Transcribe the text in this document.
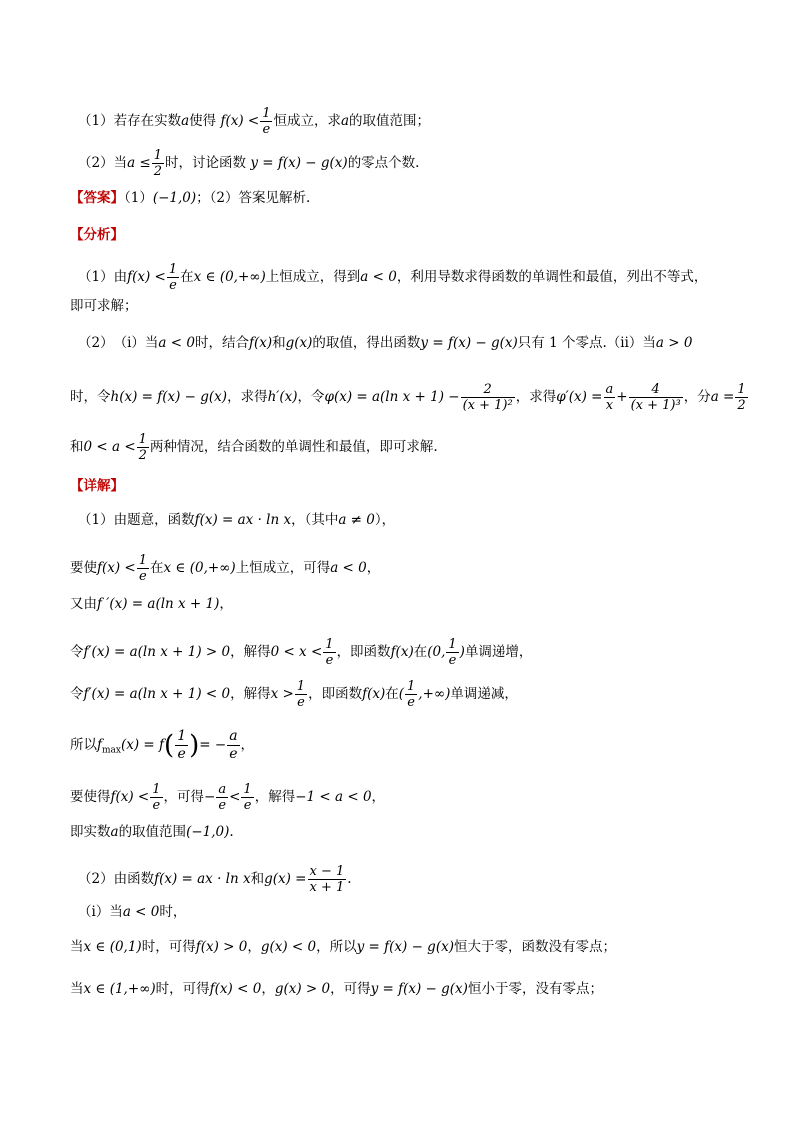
（1）若存在实数a使得 $f(x) < \frac{1}{e}$ 恒成立，求a的取值范围；
（2）当$a \le \frac{1}{2}$ 时，讨论函数 y = f(x) − g(x)的零点个数.
【答案】（1）(−1,0)；（2）答案见解析.
【分析】
（1）由$f(x) < \frac{1}{e}$ 在x ∈ (0,+∞)上恒成立，得到a < 0，利用导数求得函数的单调性和最值，列出不等式，
即可求解；
（2）　（ⅰ）当a < 0时，结合f(x)和g(x)的取值，得出函数y = f(x) − g(x)只有 1 个零点.（ⅱ）当a > 0
时，令h(x) = f(x) − g(x)，求得h′(x)，令φ(x) = a(ln $x + 1) - \frac{2}{\text{(x + 1)²}}$ ，求得$\varphi'(x) = \frac{a}{x} + \frac{4}{\text{(x + 1)³}}$ ，分$a = \frac{1}{2}$
和$0 < a < \frac{1}{2}$ 两种情况，结合函数的单调性和最值，即可求解.
【详解】
（1）由题意，函数f(x) = ax · ln x，（其中a ≠ 0），
要使$f(x) < \frac{1}{e}$ 在x ∈ (0,+∞)上恒成立，可得a < 0，
又由f ′(x) = a(ln x + 1)，
令f′(x) = a(ln x + 1) > 0，解得$0 < x < \frac{1}{e}$ ，即函数f(x)在(0, $\frac{1}{e}$ )单调递增，
令f′(x) = a(ln x + 1) < 0，解得$x > \frac{1}{e}$ ，即函数f(x)在( $\frac{1}{e}$ ,+∞)单调递减，
所以$f_{max}(x) = f( \frac{1}{e}$ )= − $\frac{a}{e}$ ，
要使得$f(x) < \frac{1}{e}$ ，可得− $\frac{a}{e} < \frac{1}{e}$ ，解得−1 < a < 0，
即实数a的取值范围(−1,0).
（2）由函数f(x) = ax · ln x和$g(x) = \frac{x - 1}{x + 1}$ .
（ⅰ）当a < 0时，
当x ∈ (0,1)时，可得f(x) > 0，g(x) < 0，所以y = f(x) − g(x)恒大于零，函数没有零点；
当x ∈ (1,+∞)时，可得f(x) < 0，g(x) > 0，可得y = f(x) − g(x)恒小于零，没有零点；
